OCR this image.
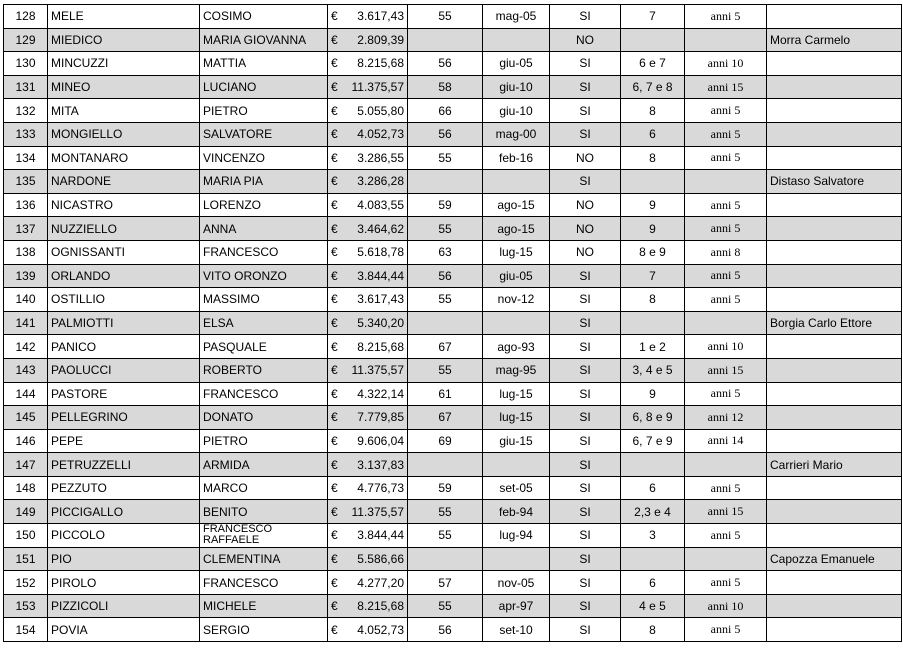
128	MELE	COSIMO	€	3.617,43	55	mag-05	SI	7	anni 5	
129	MIEDICO	MARIA GIOVANNA	€	2.809,39			NO			Morra Carmelo
130	MINCUZZI	MATTIA	€	8.215,68	56	giu-05	SI	6 e 7	anni 10	
131	MINEO	LUCIANO	€	11.375,57	58	giu-10	SI	6, 7 e 8	anni 15	
132	MITA	PIETRO	€	5.055,80	66	giu-10	SI	8	anni 5	
133	MONGIELLO	SALVATORE	€	4.052,73	56	mag-00	SI	6	anni 5	
134	MONTANARO	VINCENZO	€	3.286,55	55	feb-16	NO	8	anni 5	
135	NARDONE	MARIA PIA	€	3.286,28			SI			Distaso Salvatore
136	NICASTRO	LORENZO	€	4.083,55	59	ago-15	NO	9	anni 5	
137	NUZZIELLO	ANNA	€	3.464,62	55	ago-15	NO	9	anni 5	
138	OGNISSANTI	FRANCESCO	€	5.618,78	63	lug-15	NO	8 e 9	anni 8	
139	ORLANDO	VITO ORONZO	€	3.844,44	56	giu-05	SI	7	anni 5	
140	OSTILLIO	MASSIMO	€	3.617,43	55	nov-12	SI	8	anni 5	
141	PALMIOTTI	ELSA	€	5.340,20			SI			Borgia Carlo Ettore
142	PANICO	PASQUALE	€	8.215,68	67	ago-93	SI	1 e 2	anni 10	
143	PAOLUCCI	ROBERTO	€	11.375,57	55	mag-95	SI	3, 4 e 5	anni 15	
144	PASTORE	FRANCESCO	€	4.322,14	61	lug-15	SI	9	anni 5	
145	PELLEGRINO	DONATO	€	7.779,85	67	lug-15	SI	6, 8 e 9	anni 12	
146	PEPE	PIETRO	€	9.606,04	69	giu-15	SI	6, 7 e 9	anni 14	
147	PETRUZZELLI	ARMIDA	€	3.137,83			SI			Carrieri Mario
148	PEZZUTO	MARCO	€	4.776,73	59	set-05	SI	6	anni 5	
149	PICCIGALLO	BENITO	€	11.375,57	55	feb-94	SI	2,3 e 4	anni 15	
150	PICCOLO	FRANCESCO RAFFAELE	€	3.844,44	55	lug-94	SI	3	anni 5	
151	PIO	CLEMENTINA	€	5.586,66			SI			Capozza Emanuele
152	PIROLO	FRANCESCO	€	4.277,20	57	nov-05	SI	6	anni 5	
153	PIZZICOLI	MICHELE	€	8.215,68	55	apr-97	SI	4 e 5	anni 10	
154	POVIA	SERGIO	€	4.052,73	56	set-10	SI	8	anni 5	
